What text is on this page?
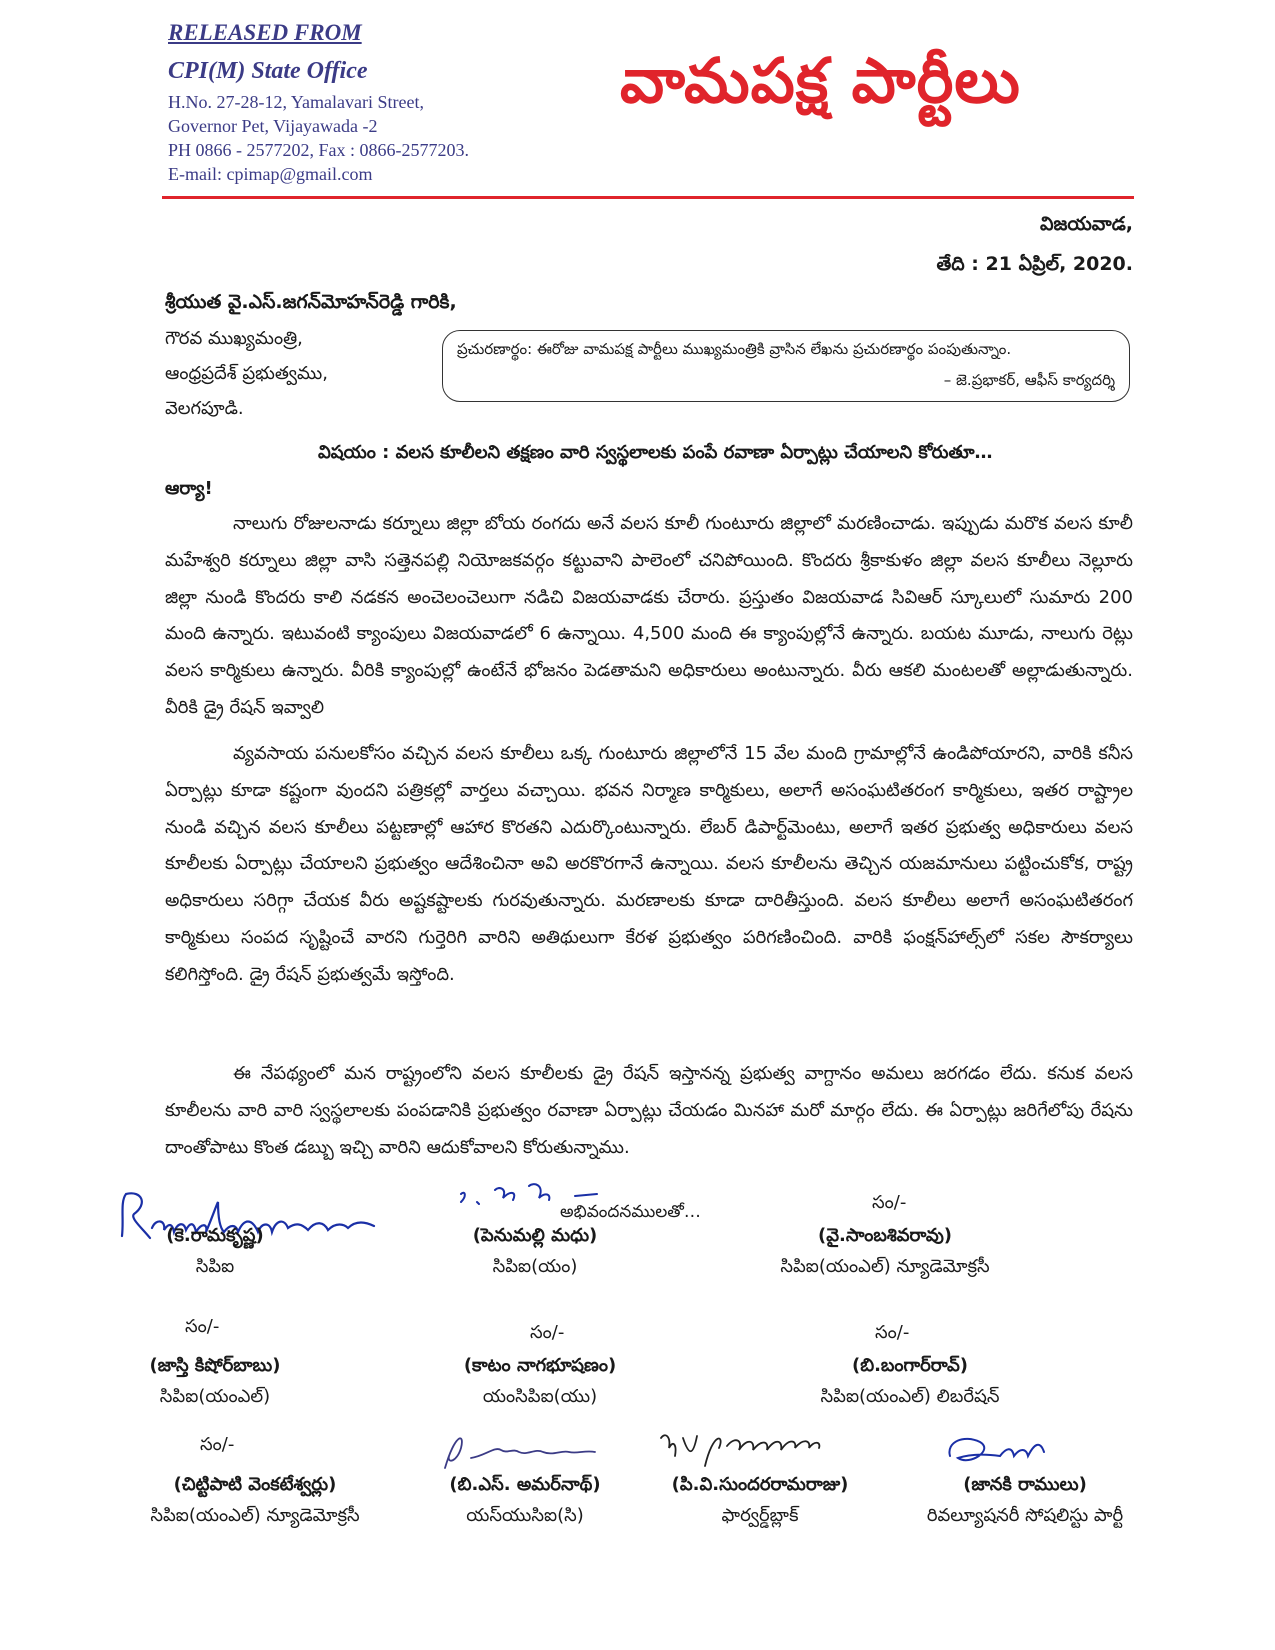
RELEASED FROM
CPI(M) State Office
H.No. 27-28-12, Yamalavari Street,
Governor Pet, Vijayawada -2
PH 0866 - 2577202, Fax : 0866-2577203.
E-mail: cpimap@gmail.com
వామపక్ష పార్టీలు
విజయవాడ,
తేది : 21 ఏప్రిల్, 2020.
శ్రీయుత వై.ఎస్.జగన్‌మోహన్‌రెడ్డి గారికి,
గౌరవ ముఖ్యమంత్రి,
ఆంధ్రప్రదేశ్ ప్రభుత్వము,
వెలగపూడి.
ప్రచురణార్థం: ఈరోజు వామపక్ష పార్టీలు ముఖ్యమంత్రికి వ్రాసిన లేఖను ప్రచురణార్థం పంపుతున్నాం.
– జె.ప్రభాకర్, ఆఫీస్ కార్యదర్శి
విషయం : వలస కూలీలని తక్షణం వారి స్వస్థలాలకు పంపే రవాణా ఏర్పాట్లు చేయాలని కోరుతూ…
ఆర్యా!
నాలుగు రోజులనాడు కర్నూలు జిల్లా బోయ రంగదు అనే వలస కూలీ గుంటూరు జిల్లాలో మరణించాడు. ఇప్పుడు మరొక వలస కూలీ మహేశ్వరి కర్నూలు జిల్లా వాసి సత్తెనపల్లి నియోజకవర్గం కట్టువాని పాలెంలో చనిపోయింది. కొందరు శ్రీకాకుళం జిల్లా వలస కూలీలు నెల్లూరు జిల్లా నుండి కొందరు కాలి నడకన అంచెలంచెలుగా నడిచి విజయవాడకు చేరారు. ప్రస్తుతం విజయవాడ సివిఆర్ స్కూలులో సుమారు 200 మంది ఉన్నారు. ఇటువంటి క్యాంపులు విజయవాడలో 6 ఉన్నాయి. 4,500 మంది ఈ క్యాంపుల్లోనే ఉన్నారు. బయట మూడు, నాలుగు రెట్లు వలస కార్మికులు ఉన్నారు. వీరికి క్యాంపుల్లో ఉంటేనే భోజనం పెడతామని అధికారులు అంటున్నారు. వీరు ఆకలి మంటలతో అల్లాడుతున్నారు. వీరికి డ్రై రేషన్ ఇవ్వాలి
వ్యవసాయ పనులకోసం వచ్చిన వలస కూలీలు ఒక్క గుంటూరు జిల్లాలోనే 15 వేల మంది గ్రామాల్లోనే ఉండిపోయారని, వారికి కనీస ఏర్పాట్లు కూడా కష్టంగా వుందని పత్రికల్లో వార్తలు వచ్చాయి. భవన నిర్మాణ కార్మికులు, అలాగే అసంఘటితరంగ కార్మికులు, ఇతర రాష్ట్రాల నుండి వచ్చిన వలస కూలీలు పట్టణాల్లో ఆహార కొరతని ఎదుర్కొంటున్నారు. లేబర్ డిపార్ట్‌మెంటు, అలాగే ఇతర ప్రభుత్వ అధికారులు వలస కూలీలకు ఏర్పాట్లు చేయాలని ప్రభుత్వం ఆదేశించినా అవి అరకొరగానే ఉన్నాయి. వలస కూలీలను తెచ్చిన యజమానులు పట్టించుకోక, రాష్ట్ర అధికారులు సరిగ్గా చేయక వీరు అష్టకష్టాలకు గురవుతున్నారు. మరణాలకు కూడా దారితీస్తుంది. వలస కూలీలు అలాగే అసంఘటితరంగ కార్మికులు సంపద సృష్టించే వారని గుర్తెరిగి వారిని అతిథులుగా కేరళ ప్రభుత్వం పరిగణించింది. వారికి ఫంక్షన్‌హాల్స్‌లో సకల సౌకర్యాలు కలిగిస్తోంది. డ్రై రేషన్ ప్రభుత్వమే ఇస్తోంది.
ఈ నేపథ్యంలో మన రాష్ట్రంలోని వలస కూలీలకు డ్రై రేషన్ ఇస్తానన్న ప్రభుత్వ వాగ్దానం అమలు జరగడం లేదు. కనుక వలస కూలీలను వారి వారి స్వస్థలాలకు పంపడానికి ప్రభుత్వం రవాణా ఏర్పాట్లు చేయడం మినహా మరో మార్గం లేదు. ఈ ఏర్పాట్లు జరిగేలోపు రేషను దాంతోపాటు కొంత డబ్బు ఇచ్చి వారిని ఆదుకోవాలని కోరుతున్నాము.
అభివందనములతో…
(కె.రామకృష్ణ)
సిపిఐ
(పెనుమల్లి మధు)
సిపిఐ(యం)
సం/-
(వై.సాంబశివరావు)
సిపిఐ(యంఎల్) న్యూడెమోక్రసీ
సం/-
(జాస్తి కిషోర్‌బాబు)
సిపిఐ(యంఎల్)
సం/-
(కాటం నాగభూషణం)
యంసిపిఐ(యు)
సం/-
(బి.బంగార్‌రావ్)
సిపిఐ(యంఎల్) లిబరేషన్
సం/-
(చిట్టిపాటి వెంకటేశ్వర్లు)
సిపిఐ(యంఎల్) న్యూడెమోక్రసీ
(బి.ఎస్. అమర్‌నాథ్)
యస్‌యుసిఐ(సి)
(పి.వి.సుందరరామరాజు)
ఫార్వర్డ్‌బ్లాక్
(జానకి రాములు)
రివల్యూషనరీ సోషలిస్టు పార్టీ
